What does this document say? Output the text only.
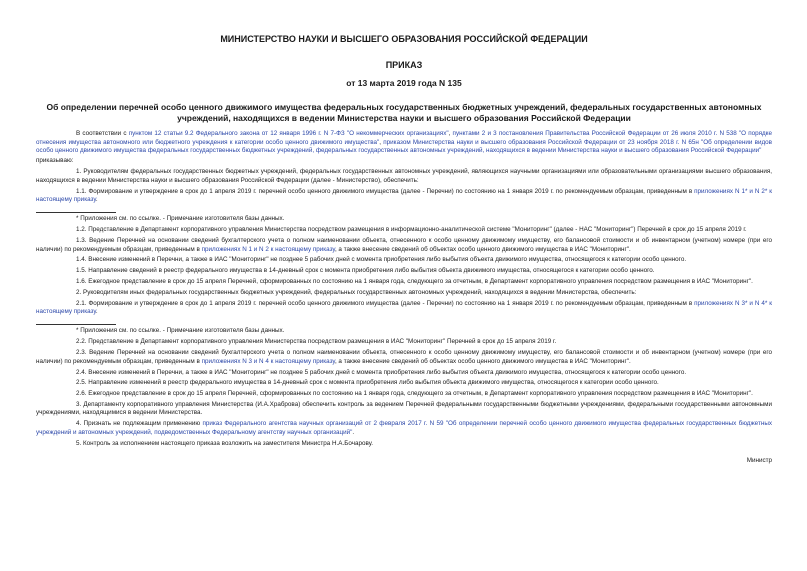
МИНИСТЕРСТВО НАУКИ И ВЫСШЕГО ОБРАЗОВАНИЯ РОССИЙСКОЙ ФЕДЕРАЦИИ
ПРИКАЗ
от 13 марта 2019 года N 135
Об определении перечней особо ценного движимого имущества федеральных государственных бюджетных учреждений, федеральных государственных автономных учреждений, находящихся в ведении Министерства науки и высшего образования Российской Федерации

В соответствии с пунктом 12 статьи 9.2 Федерального закона от 12 января 1996 г. N 7-ФЗ "О некоммерческих организациях", пунктами 2 и 3 постановления Правительства Российской Федерации от 26 июля 2010 г. N 538 "О порядке отнесения имущества автономного или бюджетного учреждения к категории особо ценного движимого имущества", приказом Министерства науки и высшего образования Российской Федерации от 23 ноября 2018 г. N 65н "Об определении видов особо ценного движимого имущества федеральных государственных бюджетных учреждений, федеральных государственных автономных учреждений, находящихся в ведении Министерства науки и высшего образования Российской Федерации"

приказываю:

1. Руководителям федеральных государственных бюджетных учреждений, федеральных государственных автономных учреждений, являющихся научными организациями или образовательными организациями высшего образования, находящихся в ведении Министерства науки и высшего образования Российской Федерации (далее - Министерство), обеспечить:

1.1. Формирование и утверждение в срок до 1 апреля 2019 г. перечней особо ценного движимого имущества (далее - Перечни) по состоянию на 1 января 2019 г. по рекомендуемым образцам, приведенным в приложениях N 1* и N 2* к настоящему приказу.

* Приложения см. по ссылке. - Примечание изготовителя базы данных.

1.2. Представление в Департамент корпоративного управления Министерства посредством размещения в информационно-аналитической системе "Мониторинг" (далее - НАС "Мониторинг") Перечней в срок до 15 апреля 2019 г.

1.3. Ведение Перечней на основании сведений бухгалтерского учета о полном наименовании объекта, отнесенного к особо ценному движимому имуществу, его балансовой стоимости и об инвентарном (учетном) номере (при его наличии) по рекомендуемым образцам, приведенным в приложениях N 1 и N 2 к настоящему приказу, а также внесение сведений об объектах особо ценного движимого имущества в ИАС "Мониторинг".

1.4. Внесение изменений в Перечни, а также в ИАС "Мониторинг" не позднее 5 рабочих дней с момента приобретения либо выбытия объекта движимого имущества, относящегося к категории особо ценного.

1.5. Направление сведений в реестр федерального имущества в 14-дневный срок с момента приобретения либо выбытия объекта движимого имущества, относящегося к категории особо ценного.

1.6. Ежегодное представление в срок до 15 апреля Перечней, сформированных по состоянию на 1 января года, следующего за отчетным, в Департамент корпоративного управления посредством размещения в ИАС "Мониторинг".

2. Руководителям иных федеральных государственных бюджетных учреждений, федеральных государственных автономных учреждений, находящихся в ведении Министерства, обеспечить:

2.1. Формирование и утверждение в срок до 1 апреля 2019 г. перечней особо ценного движимого имущества (далее - Перечни) по состоянию на 1 января 2019 г. по рекомендуемым образцам, приведенным в приложениях N 3* и N 4* к настоящему приказу.

* Приложения см. по ссылке. - Примечание изготовителя базы данных.

2.2. Представление в Департамент корпоративного управления Министерства посредством размещения в ИАС "Мониторинг" Перечней в срок до 15 апреля 2019 г.

2.3. Ведение Перечней на основании сведений бухгалтерского учета о полном наименовании объекта, отнесенного к особо ценному движимому имуществу, его балансовой стоимости и об инвентарном (учетном) номере (при его наличии) по рекомендуемым образцам, приведенным в приложениях N 3 и N 4 к настоящему приказу, а также внесение сведений об объектах особо ценного движимого имущества в ИАС "Мониторинг".

2.4. Внесение изменений в Перечни, а также в ИАС "Мониторинг" не позднее 5 рабочих дней с момента приобретения либо выбытия объекта движимого имущества, относящегося к категории особо ценного.

2.5. Направление изменений в реестр федерального имущества в 14-дневный срок с момента приобретения либо выбытия объекта движимого имущества, относящегося к категории особо ценного.

2.6. Ежегодное представление в срок до 15 апреля Перечней, сформированных по состоянию на 1 января года, следующего за отчетным, в Департамент корпоративного управления посредством размещения в ИАС "Мониторинг".

3. Департаменту корпоративного управления Министерства (И.А.Храброва) обеспечить контроль за ведением Перечней федеральными государственными бюджетными учреждениями, федеральными государственными автономными учреждениями, находящимися в ведении Министерства.

4. Признать не подлежащим применению приказ Федерального агентства научных организаций от 2 февраля 2017 г. N 59 "Об определении перечней особо ценного движимого имущества федеральных государственных бюджетных учреждений и автономных учреждений, подведомственных Федеральному агентству научных организаций".

5. Контроль за исполнением настоящего приказа возложить на заместителя Министра Н.А.Бочарову.

Министр
